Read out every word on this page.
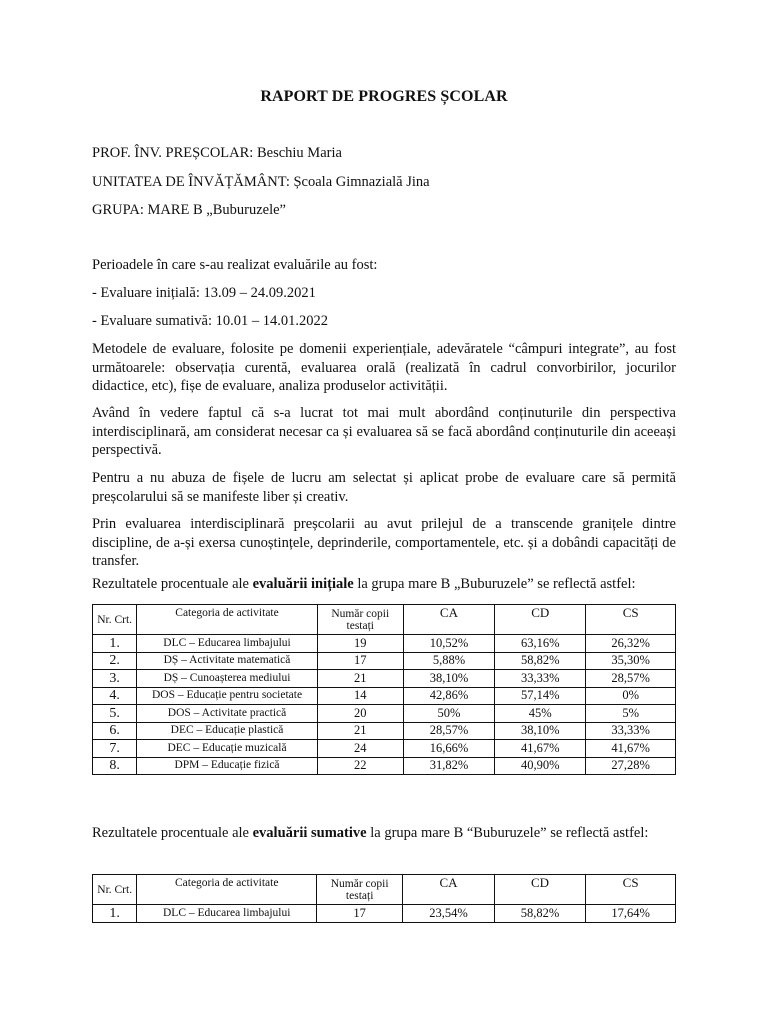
RAPORT DE PROGRES ȘCOLAR
PROF. ÎNV. PREȘCOLAR: Beschiu Maria
UNITATEA DE ÎNVĂȚĂMÂNT: Școala Gimnazială Jina
GRUPA: MARE B „Buburuzele”
Perioadele în care s-au realizat evaluările au fost:
- Evaluare inițială: 13.09 – 24.09.2021
- Evaluare sumativă: 10.01 – 14.01.2022
Metodele de evaluare, folosite pe domenii experiențiale, adevăratele “câmpuri integrate”, au fost următoarele: observația curentă, evaluarea orală (realizată în cadrul convorbirilor, jocurilor didactice, etc), fișe de evaluare, analiza produselor activității.
Având în vedere faptul că s-a lucrat tot mai mult abordând conținuturile din perspectiva interdisciplinară, am considerat necesar ca și evaluarea să se facă abordând conținuturile din aceeași perspectivă.
Pentru a nu abuza de fișele de lucru am selectat și aplicat probe de evaluare care să permită preșcolarului să se manifeste liber și creativ.
Prin evaluarea interdisciplinară preșcolarii au avut prilejul de a transcende granițele dintre discipline, de a-și exersa cunoștințele, deprinderile, comportamentele, etc. și a dobândi capacități de transfer.
Rezultatele procentuale ale evaluării inițiale la grupa mare B „Buburuzele” se reflectă astfel:
Nr. Crt.	Categoria de activitate	Număr copii testați	CA	CD	CS
1.	DLC – Educarea limbajului	19	10,52%	63,16%	26,32%
2.	DȘ – Activitate matematică	17	5,88%	58,82%	35,30%
3.	DȘ – Cunoașterea mediului	21	38,10%	33,33%	28,57%
4.	DOS – Educație pentru societate	14	42,86%	57,14%	0%
5.	DOS – Activitate practică	20	50%	45%	5%
6.	DEC – Educație plastică	21	28,57%	38,10%	33,33%
7.	DEC – Educație muzicală	24	16,66%	41,67%	41,67%
8.	DPM – Educație fizică	22	31,82%	40,90%	27,28%
Rezultatele procentuale ale evaluării sumative la grupa mare B “Buburuzele” se reflectă astfel:
Nr. Crt.	Categoria de activitate	Număr copii testați	CA	CD	CS
1.	DLC – Educarea limbajului	17	23,54%	58,82%	17,64%
